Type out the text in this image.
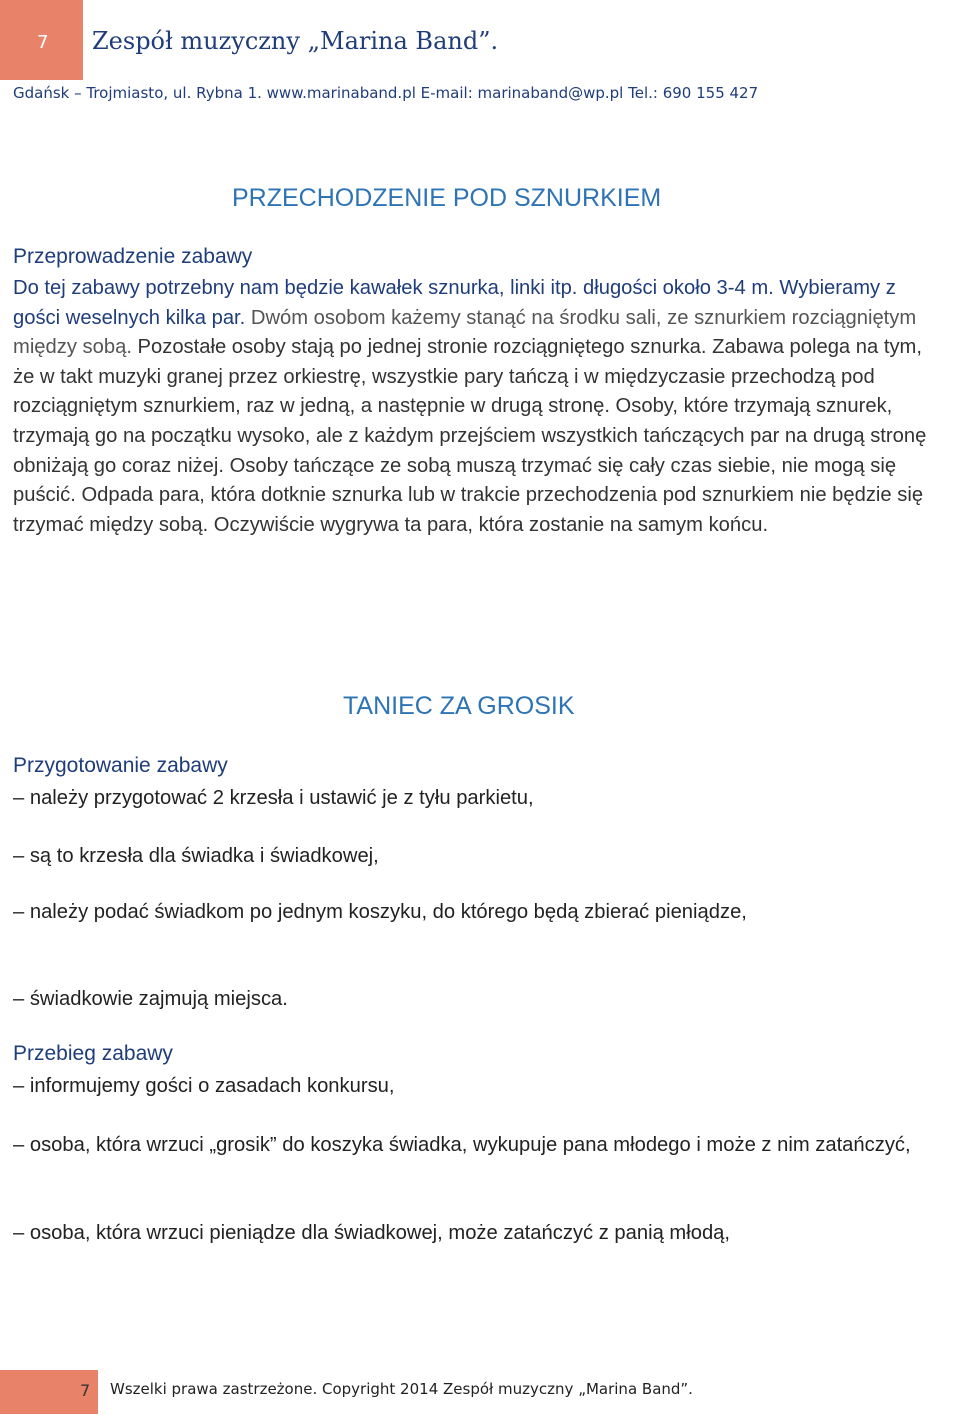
7	Zespół muzyczny „Marina Band”.
Gdańsk – Trojmiasto, ul. Rybna 1. www.marinaband.pl E-mail: marinaband@wp.pl Tel.: 690 155 427
PRZECHODZENIE POD SZNURKIEM
Przeprowadzenie zabawy
Do tej zabawy potrzebny nam będzie kawałek sznurka, linki itp. długości około 3-4 m. Wybieramy z gości weselnych kilka par. Dwóm osobom każemy stanąć na środku sali, ze sznurkiem rozciągniętym między sobą. Pozostałe osoby stają po jednej stronie rozciągniętego sznurka. Zabawa polega na tym, że w takt muzyki granej przez orkiestrę, wszystkie pary tańczą i w międzyczasie przechodzą pod rozciągniętym sznurkiem, raz w jedną, a następnie w drugą stronę. Osoby, które trzymają sznurek, trzymają go na początku wysoko, ale z każdym przejściem wszystkich tańczących par na drugą stronę obniżają go coraz niżej. Osoby tańczące ze sobą muszą trzymać się cały czas siebie, nie mogą się puścić. Odpada para, która dotknie sznurka lub w trakcie przechodzenia pod sznurkiem nie będzie się trzymać między sobą. Oczywiście wygrywa ta para, która zostanie na samym końcu.
TANIEC ZA GROSIK
Przygotowanie zabawy
– należy przygotować 2 krzesła i ustawić je z tyłu parkietu,
– są to krzesła dla świadka i świadkowej,
– należy podać świadkom po jednym koszyku, do którego będą zbierać pieniądze,
– świadkowie zajmują miejsca.
Przebieg zabawy
– informujemy gości o zasadach konkursu,
– osoba, która wrzuci „grosik” do koszyka świadka, wykupuje pana młodego i może z nim zatańczyć,
– osoba, która wrzuci pieniądze dla świadkowej, może zatańczyć z panią młodą,
7	Wszelki prawa zastrzeżone. Copyright 2014 Zespół muzyczny „Marina Band”.
